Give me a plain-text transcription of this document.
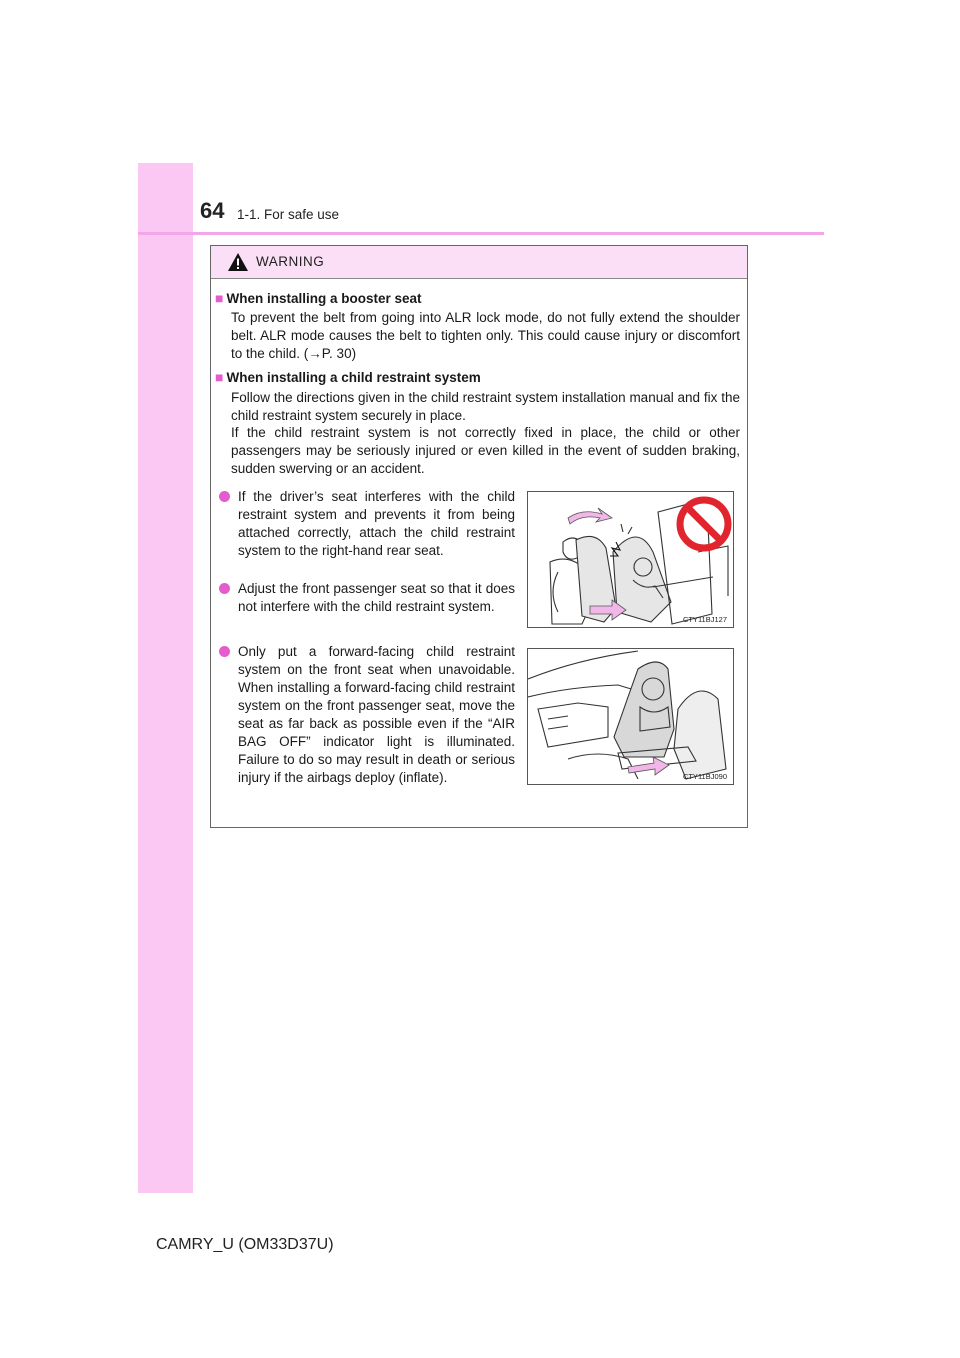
64 1-1. For safe use
WARNING
■ When installing a booster seat
To prevent the belt from going into ALR lock mode, do not fully extend the shoulder belt. ALR mode causes the belt to tighten only. This could cause injury or discomfort to the child. (→P. 30)
■ When installing a child restraint system
Follow the directions given in the child restraint system installation manual and fix the child restraint system securely in place.
If the child restraint system is not correctly fixed in place, the child or other passengers may be seriously injured or even killed in the event of sudden braking, sudden swerving or an accident.
If the driver’s seat interferes with the child restraint system and prevents it from being attached correctly, attach the child restraint system to the right-hand rear seat.
Adjust the front passenger seat so that it does not interfere with the child restraint system.
Only put a forward-facing child restraint system on the front seat when unavoidable. When installing a forward-facing child restraint system on the front passenger seat, move the seat as far back as possible even if the “AIR BAG OFF” indicator light is illuminated. Failure to do so may result in death or serious injury if the airbags deploy (inflate).
CTY11BJ127
CTY11BJ090
CAMRY_U (OM33D37U)
